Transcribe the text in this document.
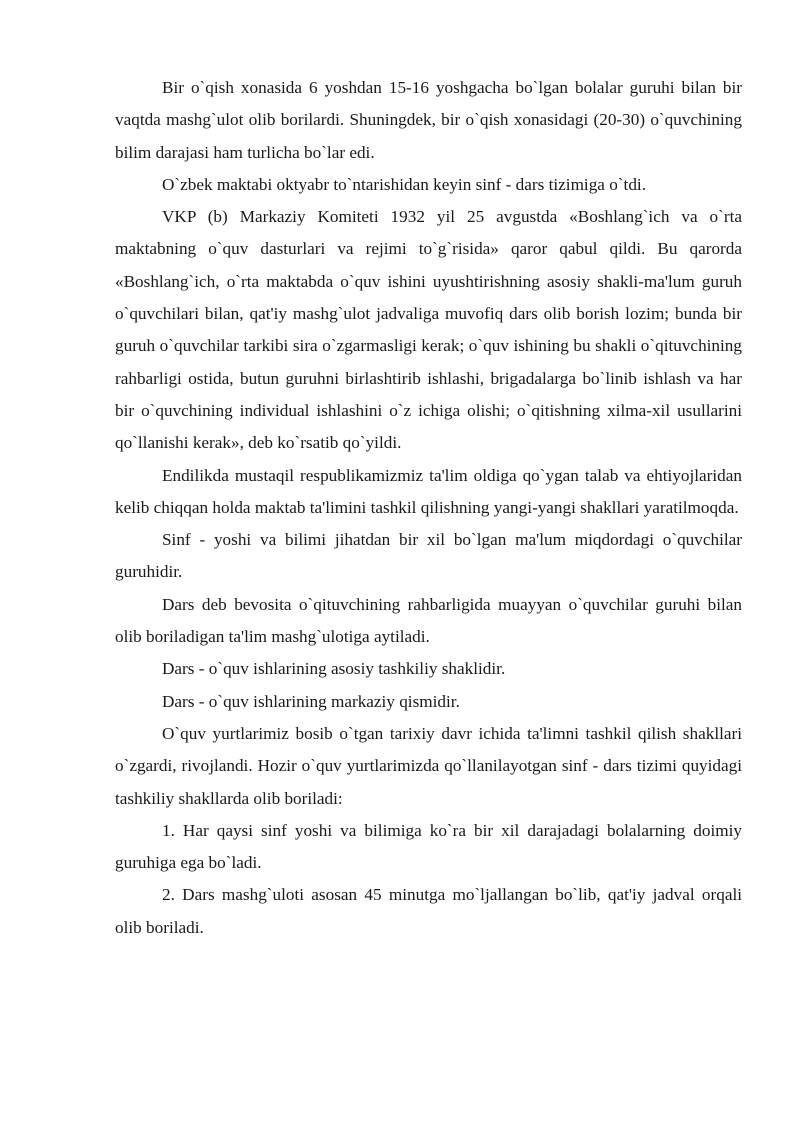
Bir o`qish xonasida 6 yoshdan 15-16 yoshgacha bo`lgan bolalar guruhi bilan bir vaqtda mashg`ulot olib borilardi. Shuningdek, bir o`qish xonasidagi (20-30) o`quvchining bilim darajasi ham turlicha bo`lar edi.

O`zbek maktabi oktyabr to`ntarishidan keyin sinf - dars tizimiga o`tdi.

VKP (b) Markaziy Komiteti 1932 yil 25 avgustda «Boshlang`ich va o`rta maktabning o`quv dasturlari va rejimi to`g`risida» qaror qabul qildi. Bu qarorda «Boshlang`ich, o`rta maktabda o`quv ishini uyushtirishning asosiy shakli-ma'lum guruh o`quvchilari bilan, qat'iy mashg`ulot jadvaliga muvofiq dars olib borish lozim; bunda bir guruh o`quvchilar tarkibi sira o`zgarmasligi kerak; o`quv ishining bu shakli o`qituvchining rahbarligi ostida, butun guruhni birlashtirib ishlashi, brigadalarga bo`linib ishlash va har bir o`quvchining individual ishlashini o`z ichiga olishi; o`qitishning xilma-xil usullarini qo`llanishi kerak», deb ko`rsatib qo`yildi.

Endilikda mustaqil respublikamizmiz ta'lim oldiga qo`ygan talab va ehtiyojlaridan kelib chiqqan holda maktab ta'limini tashkil qilishning yangi-yangi shakllari yaratilmoqda.

Sinf - yoshi va bilimi jihatdan bir xil bo`lgan ma'lum miqdordagi o`quvchilar guruhidir.

Dars deb bevosita o`qituvchining rahbarligida muayyan o`quvchilar guruhi bilan olib boriladigan ta'lim mashg`ulotiga aytiladi.

Dars - o`quv ishlarining asosiy tashkiliy shaklidir.

Dars - o`quv ishlarining markaziy qismidir.

O`quv yurtlarimiz bosib o`tgan tarixiy davr ichida ta'limni tashkil qilish shakllari o`zgardi, rivojlandi. Hozir o`quv yurtlarimizda qo`llanilayotgan sinf - dars tizimi quyidagi tashkiliy shakllarda olib boriladi:

1. Har qaysi sinf yoshi va bilimiga ko`ra bir xil darajadagi bolalarning doimiy guruhiga ega bo`ladi.

2. Dars mashg`uloti asosan 45 minutga mo`ljallangan bo`lib, qat'iy jadval orqali olib boriladi.
